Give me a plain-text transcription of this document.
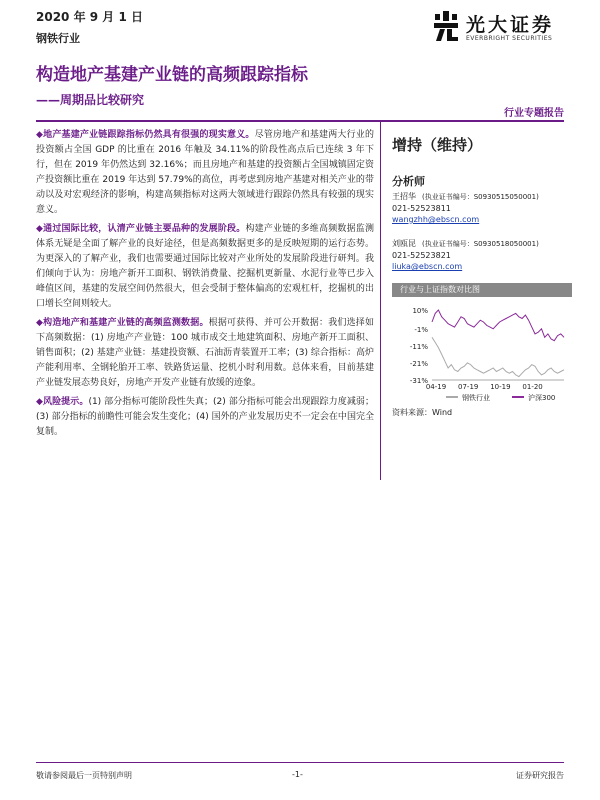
2020 年 9 月 1 日
钢铁行业
光大证券
EVERBRIGHT SECURITIES
构造地产基建产业链的高频跟踪指标
——周期品比较研究
行业专题报告

◆地产基建产业链跟踪指标仍然具有很强的现实意义。尽管房地产和基建两大行业的投资额占全国 GDP 的比重在 2016 年触及 34.11%的阶段性高点后已连续 3 年下行，但在 2019 年仍然达到 32.16%；而且房地产和基建的投资额占全国城镇固定资产投资额比重在 2019 年达到 57.79%的高位，再考虑到房地产基建对相关产业的带动以及对宏观经济的影响，构建高频指标对这两大领域进行跟踪仍然具有较强的现实意义。

◆通过国际比较，认清产业链主要品种的发展阶段。构建产业链的多维高频数据监测体系无疑是全面了解产业的良好途径，但是高频数据更多的是反映短期的运行态势。为更深入的了解产业，我们也需要通过国际比较对产业所处的发展阶段进行研判。我们倾向于认为：房地产新开工面积、钢铁消费量、挖掘机更新量、水泥行业等已步入峰值区间，基建的发展空间仍然很大，但会受制于整体偏高的宏观杠杆，挖掘机的出口增长空间则较大。

◆构造地产和基建产业链的高频监测数据。根据可获得、并可公开数据：我们选择如下高频数据：(1) 房地产产业链：100 城市成交土地建筑面积、房地产新开工面积、销售面积；(2) 基建产业链：基建投资额、石油沥青装置开工率；(3) 综合指标：高炉产能利用率、全钢轮胎开工率、铁路货运量、挖机小时利用数。总体来看，目前基建产业链发展态势良好，房地产开发产业链有放缓的迹象。

◆风险提示。(1) 部分指标可能阶段性失真；(2) 部分指标可能会出现跟踪力度减弱；(3) 部分指标的前瞻性可能会发生变化；(4) 国外的产业发展历史不一定会在中国完全复制。

增持（维持）
分析师
王招华 (执业证书编号：S0930515050001)
021-52523811
wangzhh@ebscn.com
刘瓯昆 (执业证书编号：S0930518050001)
021-52523821
liuka@ebscn.com
行业与上证指数对比图
10%
-1%
-11%
-21%
-31%
04-19 07-19 10-19 01-20
钢铁行业	沪深300
资料来源：Wind
敬请参阅最后一页特别声明	-1-	证券研究报告
